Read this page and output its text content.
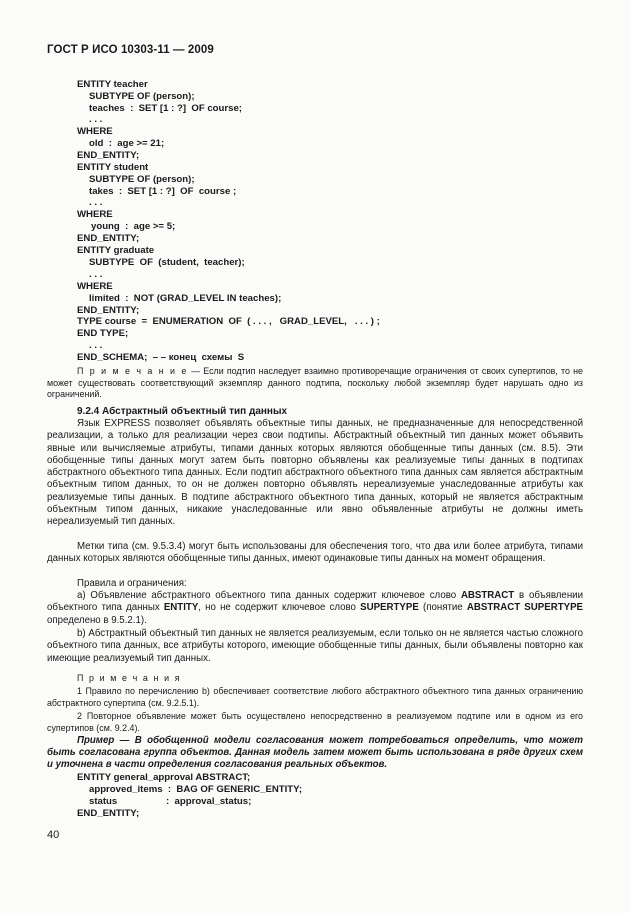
ГОСТ Р ИСО 10303-11 — 2009
ENTITY teacher
SUBTYPE OF (person);
teaches  :  SET [1 : ?]  OF course;
. . .
WHERE
old  :  age >= 21;
END_ENTITY;
ENTITY student
SUBTYPE OF (person);
takes  :  SET [1 : ?]  OF  course ;
. . .
WHERE
young  :  age >= 5;
END_ENTITY;
ENTITY graduate
SUBTYPE  OF  (student,  teacher);
. . .
WHERE
limited  :  NOT (GRAD_LEVEL IN teaches);
END_ENTITY;
TYPE course  =  ENUMERATION  OF  ( . . . ,   GRAD_LEVEL,   . . . ) ;
END TYPE;
. . .
END_SCHEMA;  – – конец  схемы  S
П р и м е ч а н и е — Если подтип наследует взаимно противоречащие ограничения от своих супертипов, то не может существовать соответствующий экземпляр данного подтипа, поскольку любой экземпляр будет нарушать одно из ограничений.
9.2.4 Абстрактный объектный тип данных
Язык EXPRESS позволяет объявлять объектные типы данных, не предназначенные для непосредственной реализации, а только для реализации через свои подтипы. Абстрактный объектный тип данных может объявить явные или вычисляемые атрибуты, типами данных которых являются обобщенные типы данных (см. 8.5). Эти обобщенные типы данных могут затем быть повторно объявлены как реализуемые типы данных в подтипах абстрактного объектного типа данных. Если подтип абстрактного объектного типа данных сам является абстрактным объектным типом данных, то он не должен повторно объявлять нереализуемые унаследованные атрибуты как реализуемые типы данных. В подтипе абстрактного объектного типа данных, который не является абстрактным объектным типом данных, никакие унаследованные или явно объявленные атрибуты не должны иметь нереализуемый тип данных.
Метки типа (см. 9.5.3.4) могут быть использованы для обеспечения того, что два или более атрибута, типами данных которых являются обобщенные типы данных, имеют одинаковые типы данных на момент обращения.
Правила и ограничения:
а) Объявление абстрактного объектного типа данных содержит ключевое слово ABSTRACT в объявлении объектного типа данных ENTITY, но не содержит ключевое слово SUPERTYPE (понятие ABSTRACT SUPERTYPE определено в 9.5.2.1).
b) Абстрактный объектный тип данных не является реализуемым, если только он не является частью сложного объектного типа данных, все атрибуты которого, имеющие обобщенные типы данных, были объявлены повторно как имеющие реализуемый тип данных.
П р и м е ч а н и я
1 Правило по перечислению b) обеспечивает соответствие любого абстрактного объектного типа данных ограничению абстрактного супертипа (см. 9.2.5.1).
2 Повторное объявление может быть осуществлено непосредственно в реализуемом подтипе или в одном из его супертипов (см. 9.2.4).
Пример — В обобщенной модели согласования может потребоваться определить, что может быть согласована группа объектов. Данная модель затем может быть использована в ряде других схем и уточнена в части определения согласования реальных объектов.
ENTITY general_approval ABSTRACT;
approved_items  :  BAG OF GENERIC_ENTITY;
status	:  approval_status;
END_ENTITY;
40
